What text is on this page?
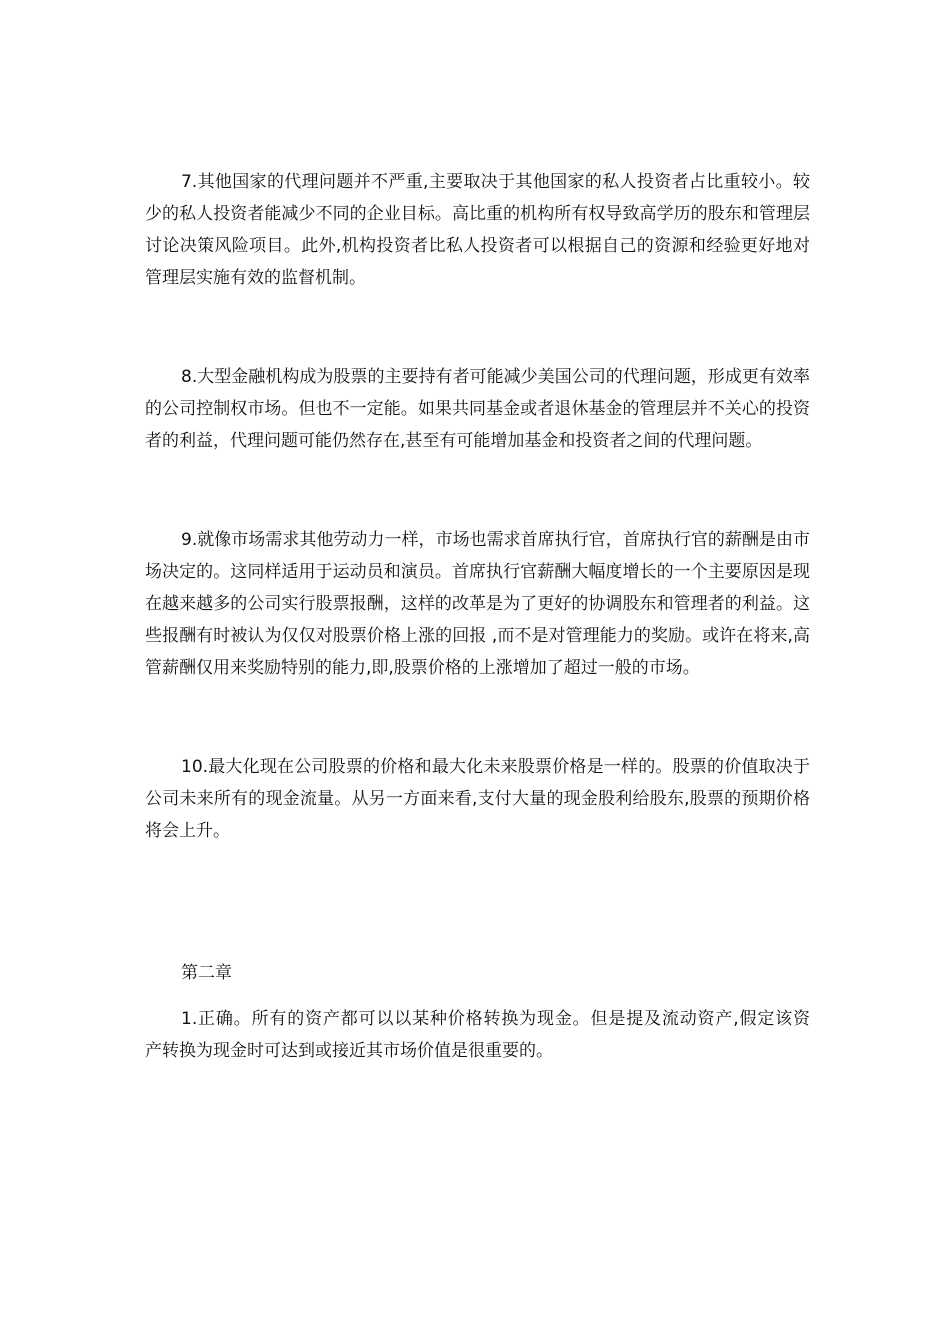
7.其他国家的代理问题并不严重,主要取决于其他国家的私人投资者占比重较小。较少的私人投资者能减少不同的企业目标。高比重的机构所有权导致高学历的股东和管理层讨论决策风险项目。此外,机构投资者比私人投资者可以根据自己的资源和经验更好地对管理层实施有效的监督机制。

8.大型金融机构成为股票的主要持有者可能减少美国公司的代理问题，形成更有效率的公司控制权市场。但也不一定能。如果共同基金或者退休基金的管理层并不关心的投资者的利益，代理问题可能仍然存在,甚至有可能增加基金和投资者之间的代理问题。

9.就像市场需求其他劳动力一样，市场也需求首席执行官，首席执行官的薪酬是由市场决定的。这同样适用于运动员和演员。首席执行官薪酬大幅度增长的一个主要原因是现在越来越多的公司实行股票报酬，这样的改革是为了更好的协调股东和管理者的利益。这些报酬有时被认为仅仅对股票价格上涨的回报 ,而不是对管理能力的奖励。或许在将来,高管薪酬仅用来奖励特别的能力,即,股票价格的上涨增加了超过一般的市场。

10.最大化现在公司股票的价格和最大化未来股票价格是一样的。股票的价值取决于公司未来所有的现金流量。从另一方面来看,支付大量的现金股利给股东,股票的预期价格将会上升。

第二章

1.正确。所有的资产都可以以某种价格转换为现金。但是提及流动资产,假定该资　产转换为现金时可达到或接近其市场价值是很重要的。
